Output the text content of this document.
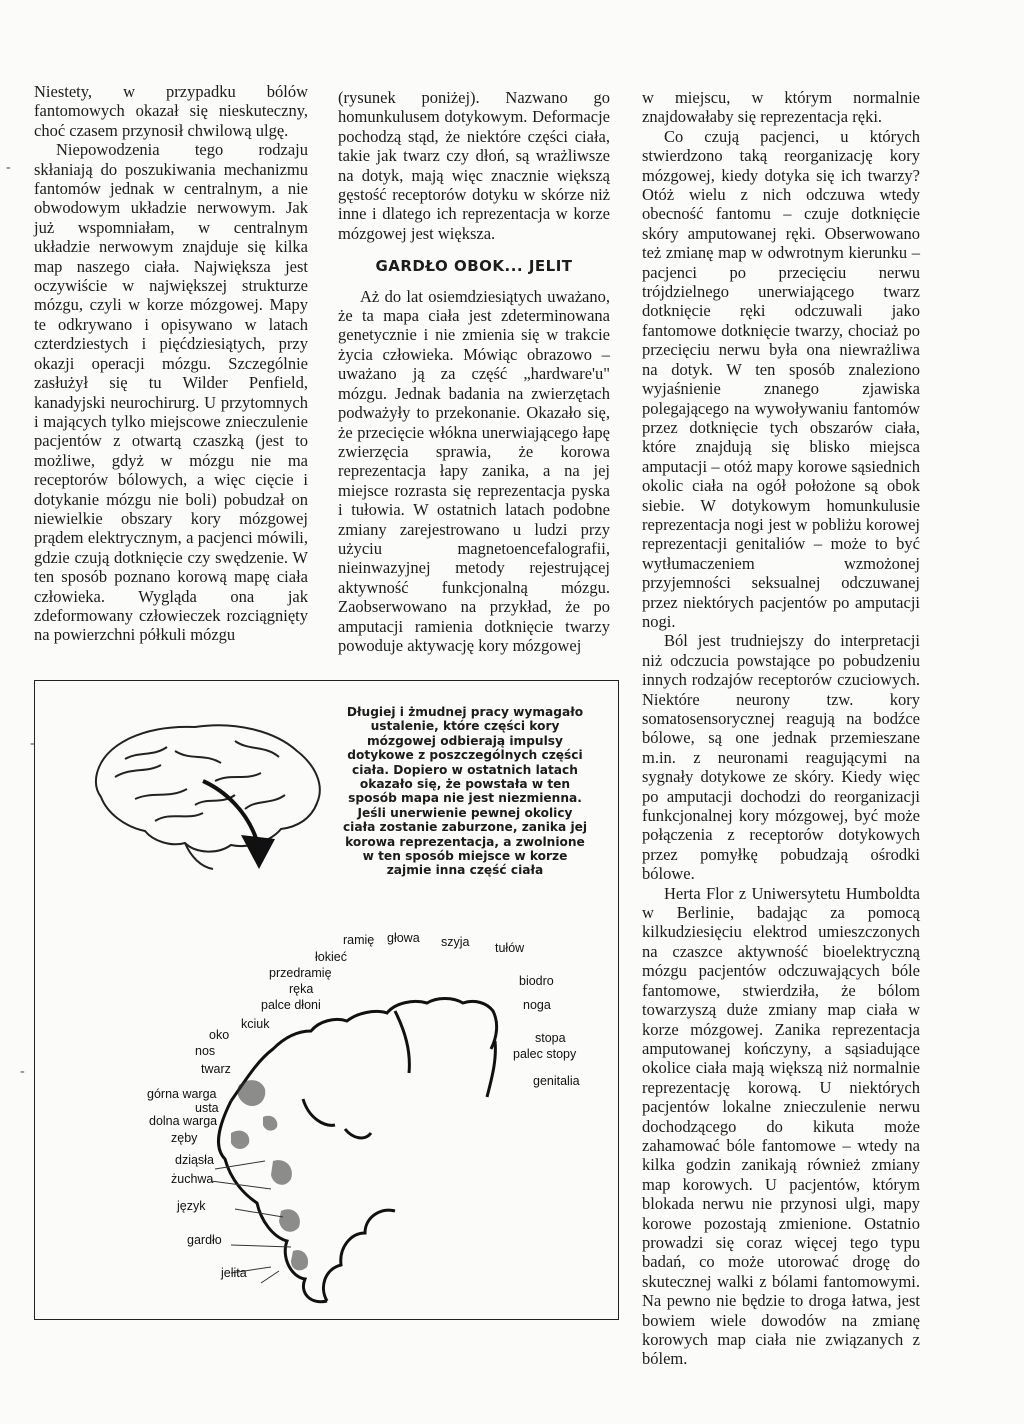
Niestety, w przypadku bólów fantomowych okazał się nieskuteczny, choć czasem przynosił chwilową ulgę.

Niepowodzenia tego rodzaju skłaniają do poszukiwania mechanizmu fantomów jednak w centralnym, a nie obwodowym układzie nerwowym. Jak już wspomniałam, w centralnym układzie nerwowym znajduje się kilka map naszego ciała. Największa jest oczywiście w największej strukturze mózgu, czyli w korze mózgowej. Mapy te odkrywano i opisywano w latach czterdziestych i pięćdziesiątych, przy okazji operacji mózgu. Szczególnie zasłużył się tu Wilder Penfield, kanadyjski neurochirurg. U przytomnych i mających tylko miejscowe znieczulenie pacjentów z otwartą czaszką (jest to możliwe, gdyż w mózgu nie ma receptorów bólowych, a więc cięcie i dotykanie mózgu nie boli) pobudzał on niewielkie obszary kory mózgowej prądem elektrycznym, a pacjenci mówili, gdzie czują dotknięcie czy swędzenie. W ten sposób poznano korową mapę ciała człowieka. Wygląda ona jak zdeformowany człowieczek rozciągnięty na powierzchni półkuli mózgu

(rysunek poniżej). Nazwano go homunkulusem dotykowym. Deformacje pochodzą stąd, że niektóre części ciała, takie jak twarz czy dłoń, są wrażliwsze na dotyk, mają więc znacznie większą gęstość receptorów dotyku w skórze niż inne i dlatego ich reprezentacja w korze mózgowej jest większa.

GARDŁO OBOK... JELIT

Aż do lat osiemdziesiątych uważano, że ta mapa ciała jest zdeterminowana genetycznie i nie zmienia się w trakcie życia człowieka. Mówiąc obrazowo – uważano ją za część „hardware'u" mózgu. Jednak badania na zwierzętach podważyły to przekonanie. Okazało się, że przecięcie włókna unerwiającego łapę zwierzęcia sprawia, że korowa reprezentacja łapy zanika, a na jej miejsce rozrasta się reprezentacja pyska i tułowia. W ostatnich latach podobne zmiany zarejestrowano u ludzi przy użyciu magnetoencefalografii, nieinwazyjnej metody rejestrującej aktywność funkcjonalną mózgu. Zaobserwowano na przykład, że po amputacji ramienia dotknięcie twarzy powoduje aktywację kory mózgowej

w miejscu, w którym normalnie znajdowałaby się reprezentacja ręki.

Co czują pacjenci, u których stwierdzono taką reorganizację kory mózgowej, kiedy dotyka się ich twarzy? Otóż wielu z nich odczuwa wtedy obecność fantomu – czuje dotknięcie skóry amputowanej ręki. Obserwowano też zmianę map w odwrotnym kierunku – pacjenci po przecięciu nerwu trójdzielnego unerwiającego twarz dotknięcie ręki odczuwali jako fantomowe dotknięcie twarzy, chociaż po przecięciu nerwu była ona niewrażliwa na dotyk. W ten sposób znaleziono wyjaśnienie znanego zjawiska polegającego na wywoływaniu fantomów przez dotknięcie tych obszarów ciała, które znajdują się blisko miejsca amputacji – otóż mapy korowe sąsiednich okolic ciała na ogół położone są obok siebie. W dotykowym homunkulusie reprezentacja nogi jest w pobliżu korowej reprezentacji genitaliów – może to być wytłumaczeniem wzmożonej przyjemności seksualnej odczuwanej przez niektórych pacjentów po amputacji nogi.

Ból jest trudniejszy do interpretacji niż odczucia powstające po pobudzeniu innych rodzajów receptorów czuciowych. Niektóre neurony tzw. kory somatosensorycznej reagują na bodźce bólowe, są one jednak przemieszane m.in. z neuronami reagującymi na sygnały dotykowe ze skóry. Kiedy więc po amputacji dochodzi do reorganizacji funkcjonalnej kory mózgowej, być może połączenia z receptorów dotykowych przez pomyłkę pobudzają ośrodki bólowe.

Herta Flor z Uniwersytetu Humboldta w Berlinie, badając za pomocą kilkudziesięciu elektrod umieszczonych na czaszce aktywność bioelektryczną mózgu pacjentów odczuwających bóle fantomowe, stwierdziła, że bólom towarzyszą duże zmiany map ciała w korze mózgowej. Zanika reprezentacja amputowanej kończyny, a sąsiadujące okolice ciała mają większą niż normalnie reprezentację korową. U niektórych pacjentów lokalne znieczulenie nerwu dochodzącego do kikuta może zahamować bóle fantomowe – wtedy na kilka godzin zanikają również zmiany map korowych. U pacjentów, którym blokada nerwu nie przynosi ulgi, mapy korowe pozostają zmienione. Ostatnio prowadzi się coraz więcej tego typu badań, co może utorować drogę do skutecznej walki z bólami fantomowymi. Na pewno nie będzie to droga łatwa, jest bowiem wiele dowodów na zmianę korowych map ciała nie związanych z bólem.

Długiej i żmudnej pracy wymagało ustalenie, które części kory mózgowej odbierają impulsy dotykowe z poszczególnych części ciała. Dopiero w ostatnich latach okazało się, że powstała w ten sposób mapa nie jest niezmienna. Jeśli unerwienie pewnej okolicy ciała zostanie zaburzone, zanika jej korowa reprezentacja, a zwolnione w ten sposób miejsce w korze zajmie inna część ciała
ramię głowa szyja tułów
łokieć
przedramię
ręka
biodro
palce dłoni	noga
kciuk
oko	stopa
nos	palec stopy
twarz
genitalia
górna warga
usta
dolna warga
zęby
dziąsła
żuchwa
język
gardło
jelita
-
-
-
